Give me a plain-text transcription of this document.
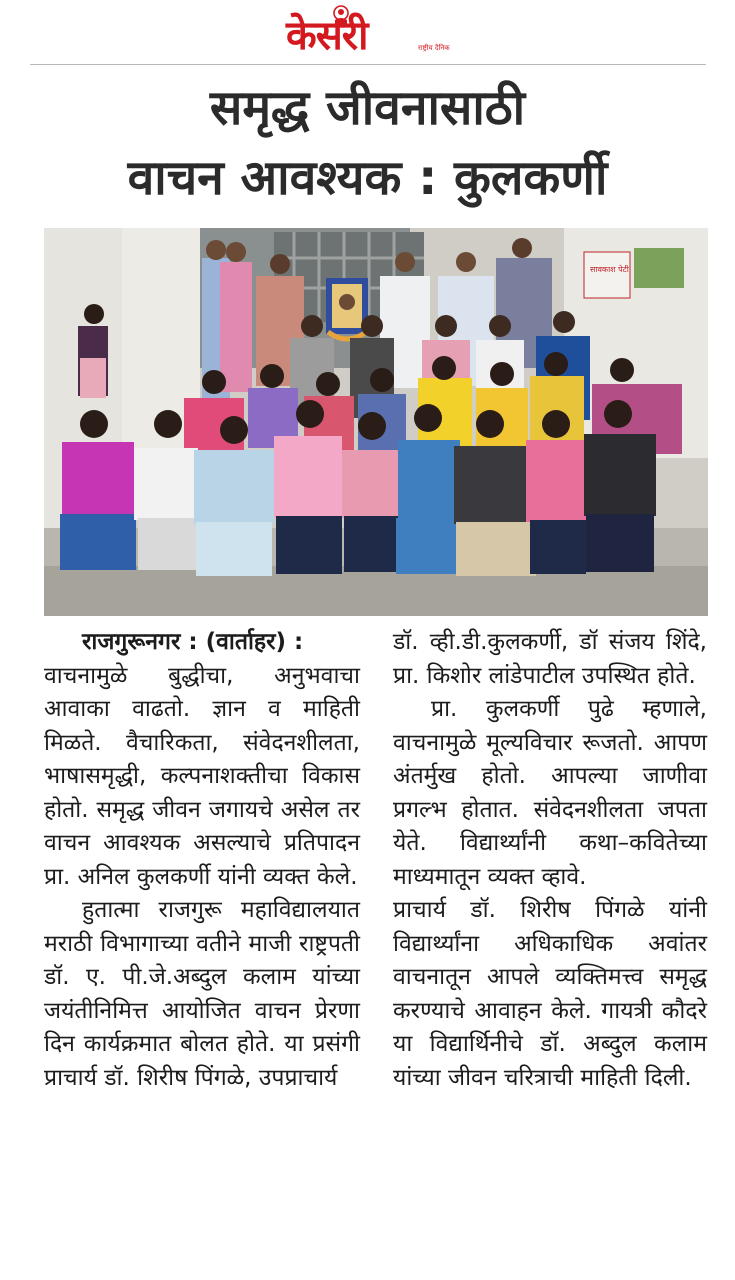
केसरी	राष्ट्रीय दैनिक
समृद्ध जीवनासाठी
वाचन आवश्यक : कुलकर्णी
सावकाश पेटी

राजगुरूनगर : (वार्ताहर) :
वाचनामुळे बुद्धीचा, अनुभवाचा आवाका वाढतो. ज्ञान व माहिती मिळते. वैचारिकता, संवेदनशीलता, भाषासमृद्धी, कल्पनाशक्तीचा विकास होतो. समृद्ध जीवन जगायचे असेल तर वाचन आवश्यक असल्याचे प्रतिपादन प्रा. अनिल कुलकर्णी यांनी व्यक्त केले.

हुतात्मा राजगुरू महाविद्यालयात मराठी विभागाच्या वतीने माजी राष्ट्रपती डॉ. ए. पी.जे.अब्दुल कलाम यांच्या जयंतीनिमित्त आयोजित वाचन प्रेरणा दिन कार्यक्रमात बोलत होते. या प्रसंगी प्राचार्य डॉ. शिरीष पिंगळे, उपप्राचार्य

डॉ. व्ही.डी.कुलकर्णी, डॉ संजय शिंदे, प्रा. किशोर लांडेपाटील उपस्थित होते.

प्रा. कुलकर्णी पुढे म्हणाले, वाचनामुळे मूल्यविचार रूजतो. आपण अंतर्मुख होतो. आपल्या जाणीवा प्रगल्भ होतात. संवेदनशीलता जपता येते. विद्यार्थ्यांनी कथा–कवितेच्या माध्यमातून व्यक्त व्हावे.

प्राचार्य डॉ. शिरीष पिंगळे यांनी विद्यार्थ्यांना अधिकाधिक अवांतर वाचनातून आपले व्यक्तिमत्त्व समृद्ध करण्याचे आवाहन केले. गायत्री कौदरे या विद्यार्थिनीचे डॉ. अब्दुल कलाम यांच्या जीवन चरित्राची माहिती दिली.
